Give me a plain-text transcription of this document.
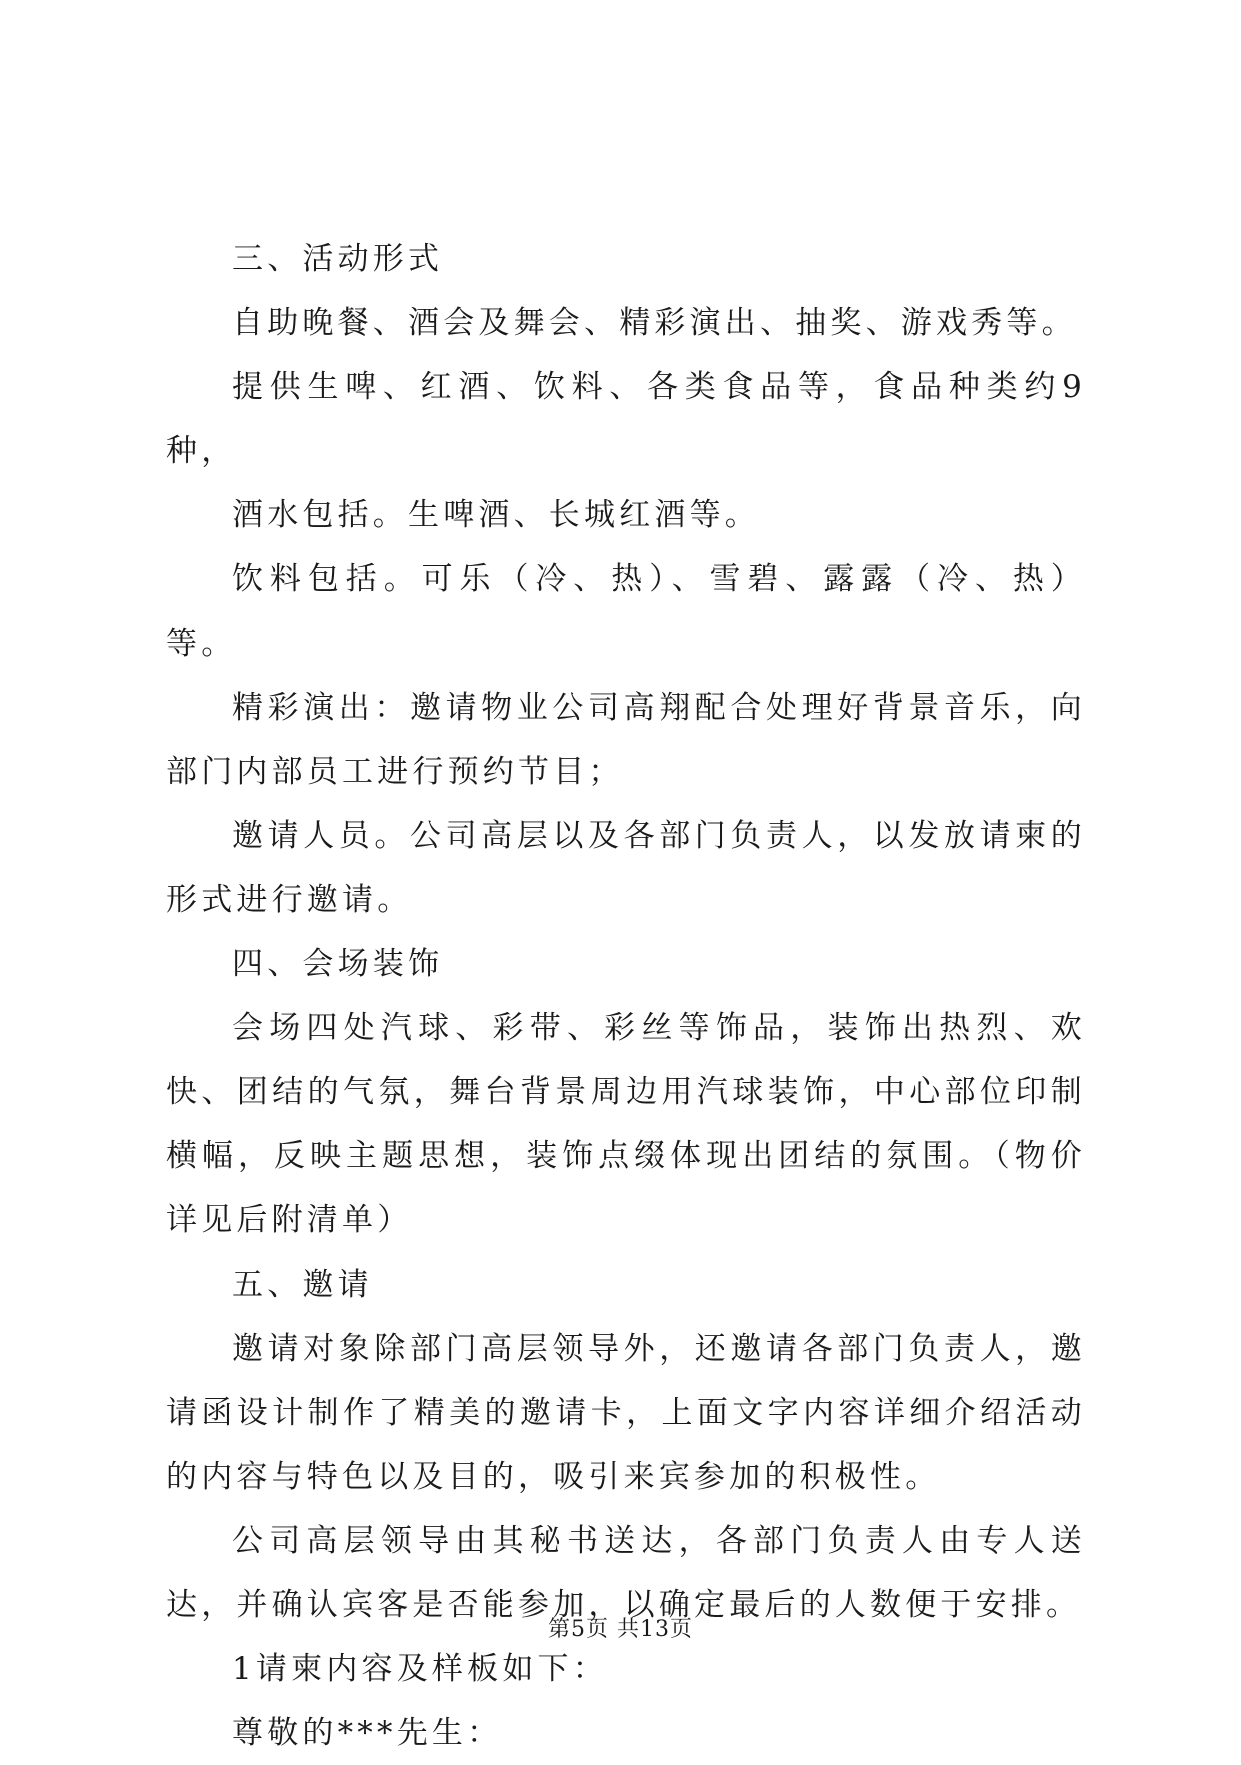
三、活动形式

自助晚餐、酒会及舞会、精彩演出、抽奖、游戏秀等。

提供生啤、红酒、饮料、各类食品等，食品种类约9种，

酒水包括。生啤酒、长城红酒等。

饮料包括。可乐（冷、热）、雪碧、露露（冷、热）等。

精彩演出：邀请物业公司高翔配合处理好背景音乐，向部门内部员工进行预约节目；

邀请人员。公司高层以及各部门负责人，以发放请柬的形式进行邀请。

四、会场装饰

会场四处汽球、彩带、彩丝等饰品，装饰出热烈、欢快、团结的气氛，舞台背景周边用汽球装饰，中心部位印制横幅，反映主题思想，装饰点缀体现出团结的氛围。（物价详见后附清单）

五、邀请

邀请对象除部门高层领导外，还邀请各部门负责人，邀请函设计制作了精美的邀请卡，上面文字内容详细介绍活动的内容与特色以及目的，吸引来宾参加的积极性。

公司高层领导由其秘书送达，各部门负责人由专人送达，并确认宾客是否能参加，以确定最后的人数便于安排。

1请柬内容及样板如下：

尊敬的***先生：

第5页 共13页
